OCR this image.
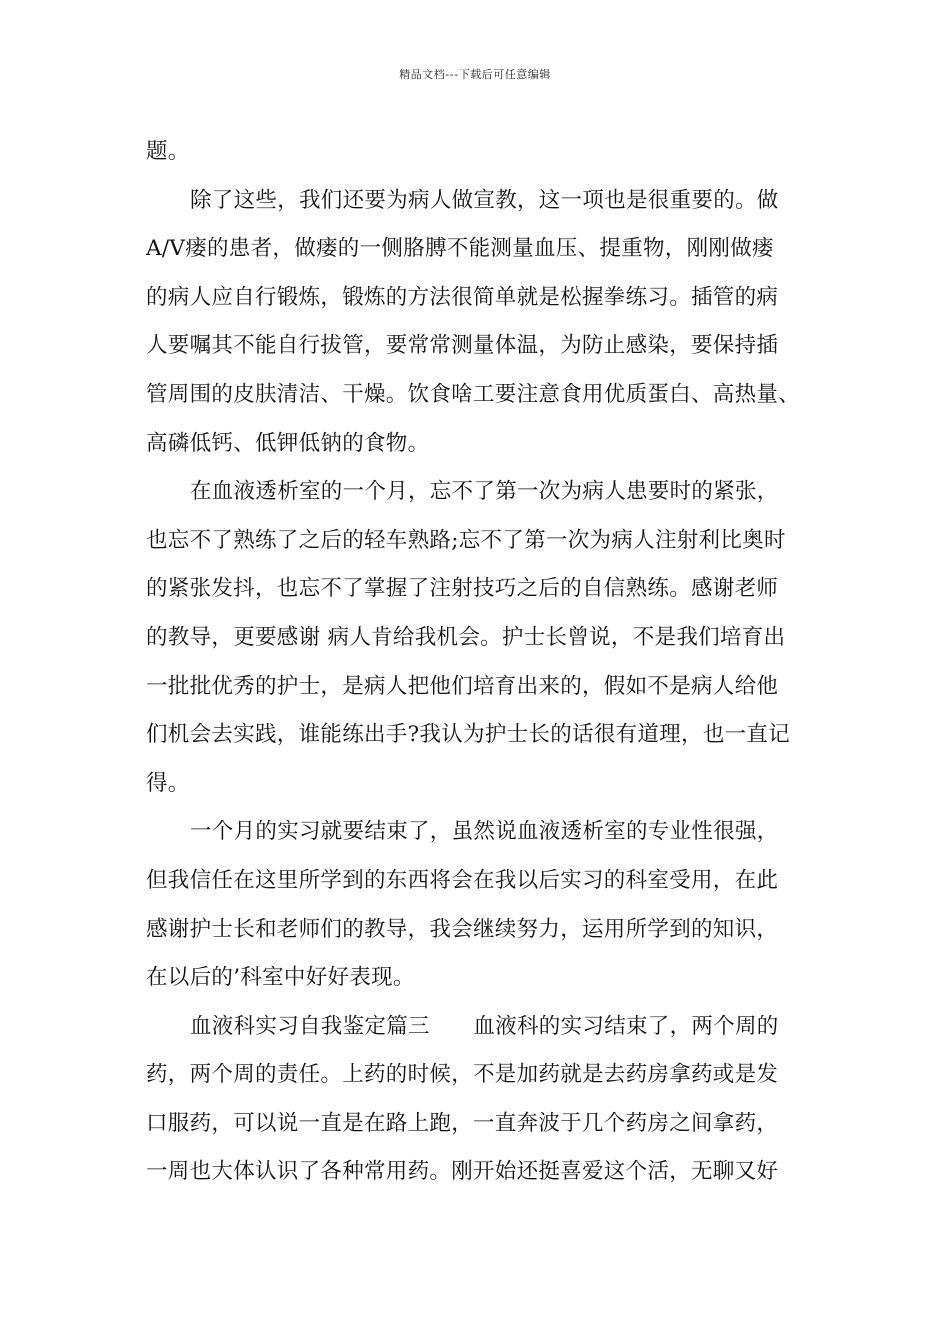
精品文档---下载后可任意编辑
题。
除了这些，我们还要为病人做宣教，这一项也是很重要的。做
A/V瘘的患者，做瘘的一侧胳膊不能测量血压、提重物，刚刚做瘘
的病人应自行锻炼，锻炼的方法很简单就是松握拳练习。插管的病
人要嘱其不能自行拔管，要常常测量体温，为防止感染，要保持插
管周围的皮肤清洁、干燥。饮食啥工要注意食用优质蛋白、高热量、
高磷低钙、低钾低钠的食物。
在血液透析室的一个月，忘不了第一次为病人患要时的紧张，
也忘不了熟练了之后的轻车熟路;忘不了第一次为病人注射利比奥时
的紧张发抖，也忘不了掌握了注射技巧之后的自信熟练。感谢老师
的教导，更要感谢 病人肯给我机会。护士长曾说，不是我们培育出
一批批优秀的护士，是病人把他们培育出来的，假如不是病人给他
们机会去实践，谁能练出手?我认为护士长的话很有道理，也一直记
得。
一个月的实习就要结束了，虽然说血液透析室的专业性很强，
但我信任在这里所学到的东西将会在我以后实习的科室受用，在此
感谢护士长和老师们的教导，我会继续努力，运用所学到的知识，
在以后的’科室中好好表现。
血液科实习自我鉴定篇三　　血液科的实习结束了，两个周的
药，两个周的责任。上药的时候，不是加药就是去药房拿药或是发
口服药，可以说一直是在路上跑，一直奔波于几个药房之间拿药，
一周也大体认识了各种常用药。刚开始还挺喜爱这个活，无聊又好
